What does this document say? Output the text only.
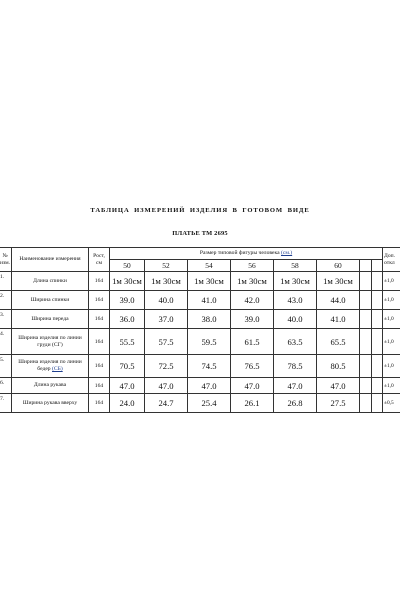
ТАБЛИЦА ИЗМЕРЕНИЙ ИЗДЕЛИЯ В ГОТОВОМ ВИДЕ
ПЛАТЬЕ ТМ 2695
№
изм.	Наименование измерения	Рост,
см	Размер типовой фигуры человека (см.)								Доп.
откл
			50	52	54	56	58	60			
1.	Длина спинки	164	1м 30см	1м 30см	1м 30см	1м 30см	1м 30см	1м 30см			±1,0
2.	Ширина спинки	164	39.0	40.0	41.0	42.0	43.0	44.0			±1,0
3.	Ширина переда	164	36.0	37.0	38.0	39.0	40.0	41.0			±1,0
4.	Ширина изделия по линии груди (СГ)	164	55.5	57.5	59.5	61.5	63.5	65.5			±1,0
5.	Ширина изделия по линии бедер (СБ)	164	70.5	72.5	74.5	76.5	78.5	80.5			±1,0
6.	Длина рукава	164	47.0	47.0	47.0	47.0	47.0	47.0			±1,0
7.	Ширина рукава вверху	164	24.0	24.7	25.4	26.1	26.8	27.5			±0,5
